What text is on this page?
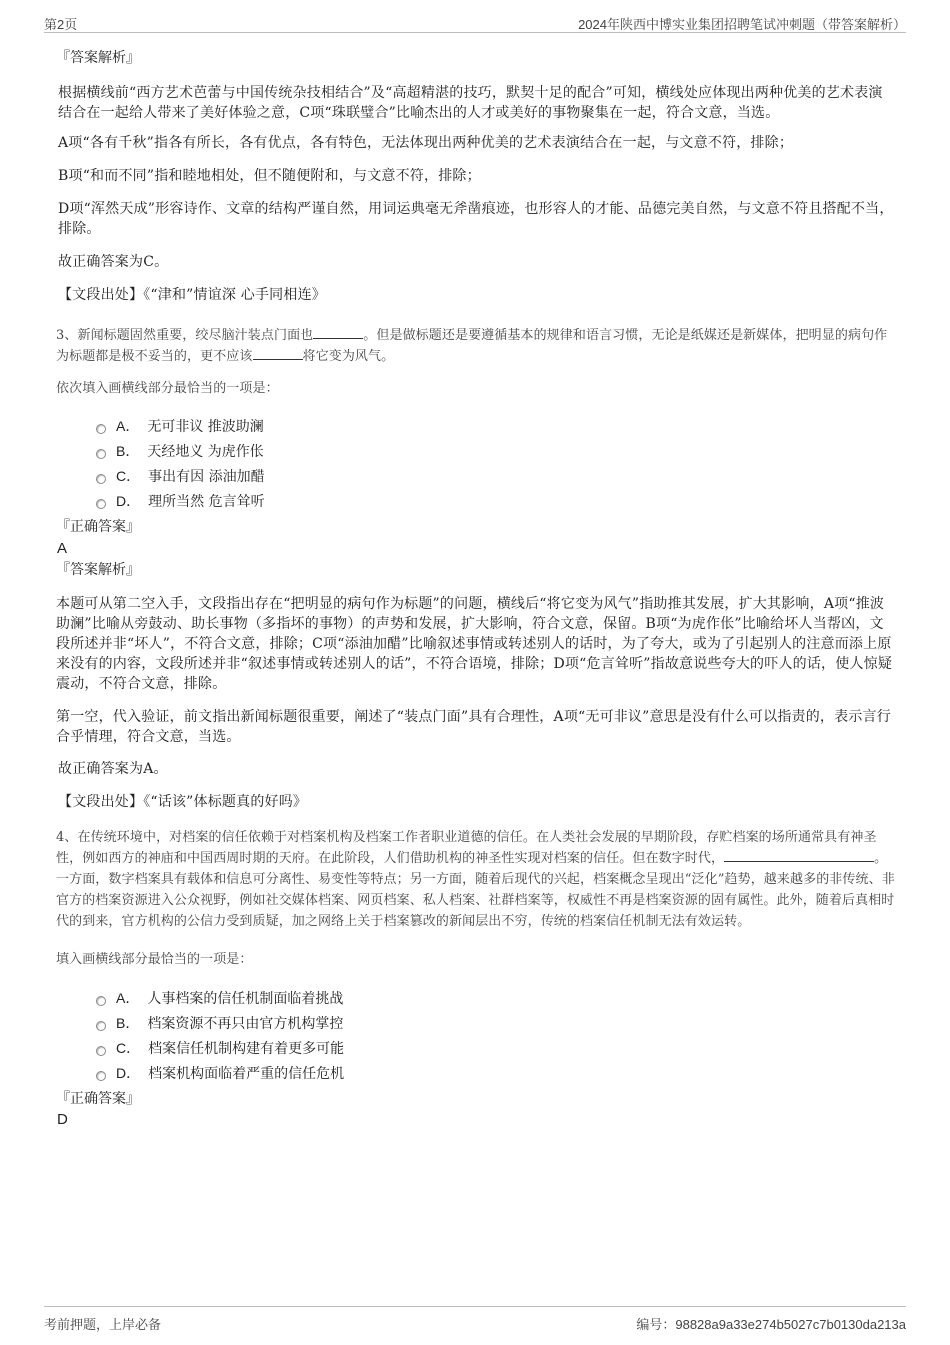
第2页	2024年陕西中博实业集团招聘笔试冲刺题（带答案解析）

『答案解析』

根据横线前“西方艺术芭蕾与中国传统杂技相结合”及“高超精湛的技巧，默契十足的配合”可知，横线处应体现出两种优美的艺术表演结合在一起给人带来了美好体验之意，C项“珠联璧合”比喻杰出的人才或美好的事物聚集在一起，符合文意，当选。

A项“各有千秋”指各有所长，各有优点，各有特色，无法体现出两种优美的艺术表演结合在一起，与文意不符，排除；

B项“和而不同”指和睦地相处，但不随便附和，与文意不符，排除；

D项“浑然天成”形容诗作、文章的结构严谨自然，用词运典毫无斧凿痕迹，也形容人的才能、品德完美自然，与文意不符且搭配不当，排除。

故正确答案为C。

【文段出处】《“津和”情谊深 心手同相连》

3、新闻标题固然重要，绞尽脑汁装点门面也	。但是做标题还是要遵循基本的规律和语言习惯，无论是纸媒还是新媒体，把明显的病句作为标题都是极不妥当的，更不应该	将它变为风气。

依次填入画横线部分最恰当的一项是：

A． 无可非议 推波助澜
B． 天经地义 为虎作伥
C． 事出有因 添油加醋
D． 理所当然 危言耸听

『正确答案』

A

『答案解析』

本题可从第二空入手，文段指出存在“把明显的病句作为标题”的问题，横线后“将它变为风气”指助推其发展，扩大其影响，A项“推波助澜”比喻从旁鼓动、助长事物（多指坏的事物）的声势和发展，扩大影响，符合文意，保留。B项“为虎作伥”比喻给坏人当帮凶，文段所述并非“坏人”，不符合文意，排除；C项“添油加醋”比喻叙述事情或转述别人的话时，为了夸大，或为了引起别人的注意而添上原来没有的内容，文段所述并非“叙述事情或转述别人的话”，不符合语境，排除；D项“危言耸听”指故意说些夸大的吓人的话，使人惊疑震动，不符合文意，排除。

第一空，代入验证，前文指出新闻标题很重要，阐述了“装点门面”具有合理性，A项“无可非议”意思是没有什么可以指责的，表示言行合乎情理，符合文意，当选。

故正确答案为A。

【文段出处】《“话该”体标题真的好吗》

4、在传统环境中，对档案的信任依赖于对档案机构及档案工作者职业道德的信任。在人类社会发展的早期阶段，存贮档案的场所通常具有神圣性，例如西方的神庙和中国西周时期的天府。在此阶段，人们借助机构的神圣性实现对档案的信任。但在数字时代，	。一方面，数字档案具有载体和信息可分离性、易变性等特点；另一方面，随着后现代的兴起，档案概念呈现出“泛化”趋势，越来越多的非传统、非官方的档案资源进入公众视野，例如社交媒体档案、网页档案、私人档案、社群档案等，权威性不再是档案资源的固有属性。此外，随着后真相时代的到来，官方机构的公信力受到质疑，加之网络上关于档案篡改的新闻层出不穷，传统的档案信任机制无法有效运转。

填入画横线部分最恰当的一项是：

A． 人事档案的信任机制面临着挑战
B． 档案资源不再只由官方机构掌控
C． 档案信任机制构建有着更多可能
D． 档案机构面临着严重的信任危机

『正确答案』

D

考前押题，上岸必备	编号：98828a9a33e274b5027c7b0130da213a
